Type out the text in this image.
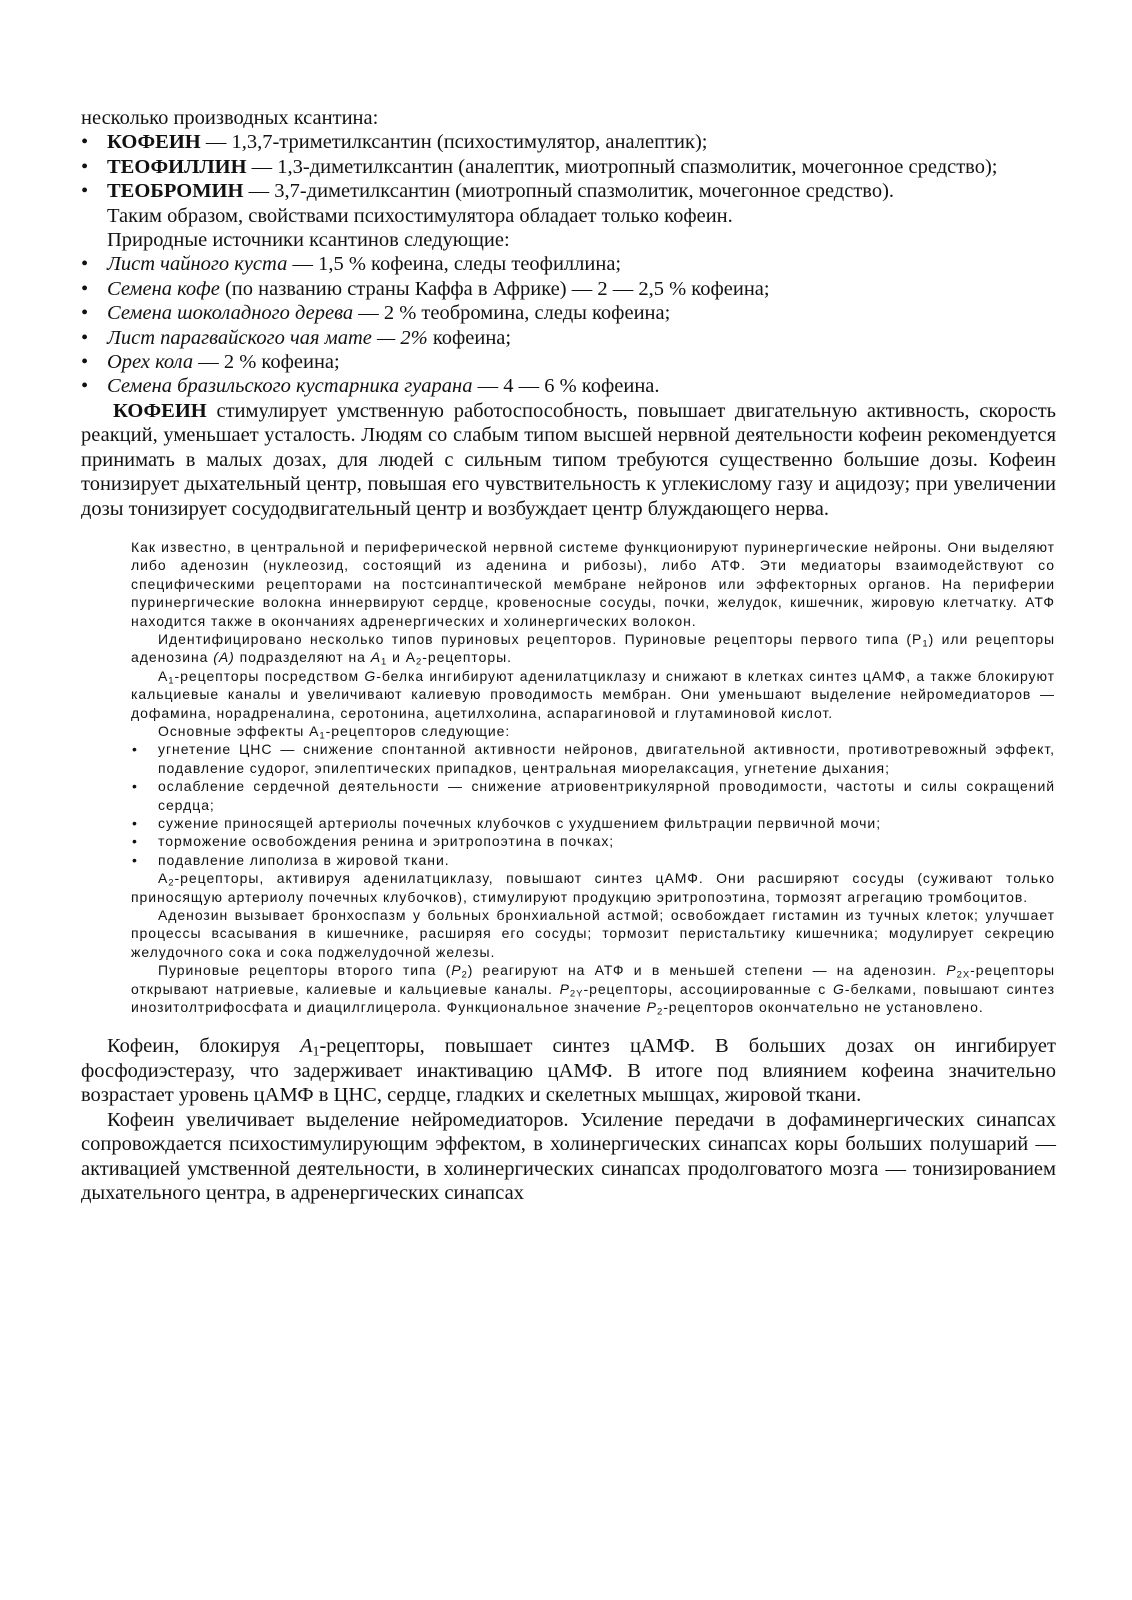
несколько производных ксантина:

• КОФЕИН — 1,3,7-триметилксантин (психостимулятор, аналептик);
• ТЕОФИЛЛИН — 1,3-диметилксантин (аналептик, миотропный спазмолитик, мочегонное средство);
• ТЕОБРОМИН — 3,7-диметилксантин (миотропный спазмолитик, мочегонное средство).

Таким образом, свойствами психостимулятора обладает только кофеин.

Природные источники ксантинов следующие:

• Лист чайного куста — 1,5 % кофеина, следы теофиллина;
• Семена кофе (по названию страны Каффа в Африке) — 2 — 2,5 % кофеина;
• Семена шоколадного дерева — 2 % теобромина, следы кофеина;
• Лист парагвайского чая мате — 2% кофеина;
• Орех кола — 2 % кофеина;
• Семена бразильского кустарника гуарана — 4 — 6 % кофеина.

КОФЕИН стимулирует умственную работоспособность, повышает двигательную активность, скорость реакций, уменьшает усталость. Людям со слабым типом высшей нервной деятельности кофеин рекомендуется принимать в малых дозах, для людей с сильным типом требуются существенно большие дозы. Кофеин тонизирует дыхательный центр, повышая его чувствительность к углекислому газу и ацидозу; при увеличении дозы тонизирует сосудодвигательный центр и возбуждает центр блуждающего нерва.

Как известно, в центральной и периферической нервной системе функционируют пуринергические нейроны. Они выделяют либо аденозин (нуклеозид, состоящий из аденина и рибозы), либо АТФ. Эти медиаторы взаимодействуют со специфическими рецепторами на постсинаптической мембране нейронов или эффекторных органов. На периферии пуринергические волокна иннервируют сердце, кровеносные сосуды, почки, желудок, кишечник, жировую клетчатку. АТФ находится также в окончаниях адренергических и холинергических волокон.

Идентифицировано несколько типов пуриновых рецепторов. Пуриновые рецепторы первого типа $(Р_1)$ или рецепторы аденозина (А) подразделяют на $А_1$ и $А_2$-рецепторы.

$А_1$-рецепторы посредством G-белка ингибируют аденилатциклазу и снижают в клетках синтез цАМФ, а также блокируют кальциевые каналы и увеличивают калиевую проводимость мембран. Они уменьшают выделение нейромедиаторов — дофамина, норадреналина, серотонина, ацетилхолина, аспарагиновой и глутаминовой кислот.

Основные эффекты $А_1$-рецепторов следующие:

• угнетение ЦНС — снижение спонтанной активности нейронов, двигательной активности, противотревожный эффект, подавление судорог, эпилептических припадков, центральная миорелаксация, угнетение дыхания;
• ослабление сердечной деятельности — снижение атриовентрикулярной проводимости, частоты и силы сокращений сердца;
• сужение приносящей артериолы почечных клубочков с ухудшением фильтрации первичной мочи;
• торможение освобождения ренина и эритропоэтина в почках;
• подавление липолиза в жировой ткани.

$А_2$-рецепторы, активируя аденилатциклазу, повышают синтез цАМФ. Они расширяют сосуды (суживают только приносящую артериолу почечных клубочков), стимулируют продукцию эритропоэтина, тормозят агрегацию тромбоцитов.

Аденозин вызывает бронхоспазм у больных бронхиальной астмой; освобождает гистамин из тучных клеток; улучшает процессы всасывания в кишечнике, расширяя его сосуды; тормозит перистальтику кишечника; модулирует секрецию желудочного сока и сока поджелудочной железы.

Пуриновые рецепторы второго типа $(Р_2)$ реагируют на АТФ и в меньшей степени — на аденозин. $Р_{2Х}$-рецепторы открывают натриевые, калиевые и кальциевые каналы. $Р_{2Y}$-рецепторы, ассоциированные с G-белками, повышают синтез инозитолтрифосфата и диацилглицерола. Функциональное значение $Р_2$-рецепторов окончательно не установлено.

Кофеин, блокируя $А_1$-рецепторы, повышает синтез цАМФ. В больших дозах он ингибирует фосфодиэстеразу, что задерживает инактивацию цАМФ. В итоге под влиянием кофеина значительно возрастает уровень цАМФ в ЦНС, сердце, гладких и скелетных мышцах, жировой ткани.

Кофеин увеличивает выделение нейромедиаторов. Усиление передачи в дофаминергических синапсах сопровождается психостимулирующим эффектом, в холинергических синапсах коры больших полушарий — активацией умственной деятельности, в холинергических синапсах продолговатого мозга — тонизированием дыхательного центра, в адренергических синапсах
